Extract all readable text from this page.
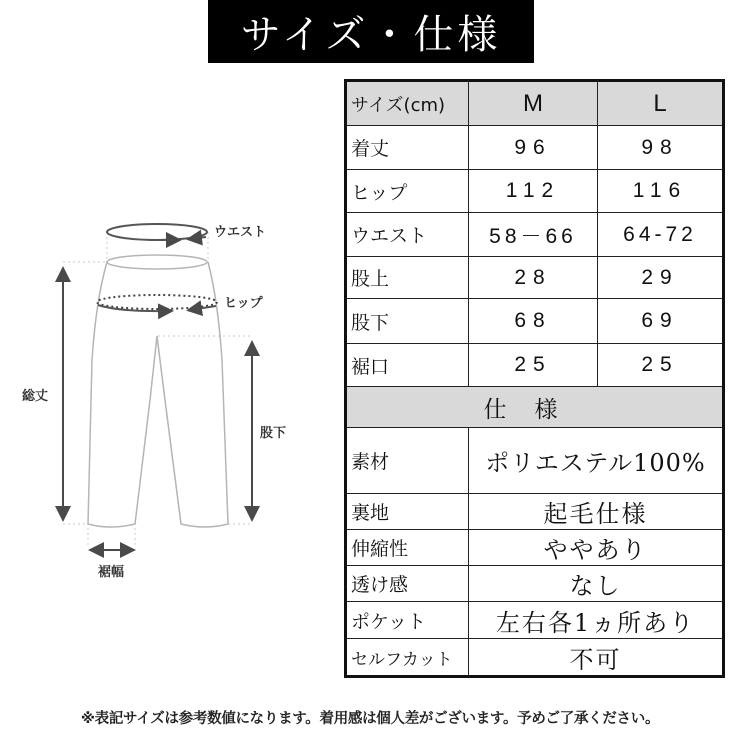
サイズ・仕様
ウエスト
ヒップ
総丈
股下
裾幅
サイズ(cm)	M	L
着丈	96	98
ヒップ	112	116
ウエスト	58－66	64-72
股上	28	29
股下	68	69
裾口	25	25
仕様		
素材	ポリエステル100%	
裏地	起毛仕様	
伸縮性	ややあり	
透け感	なし	
ポケット	左右各1ヵ所あり	
セルフカット	不可	
※表記サイズは参考数値になります。着用感は個人差がございます。予めご了承ください。
